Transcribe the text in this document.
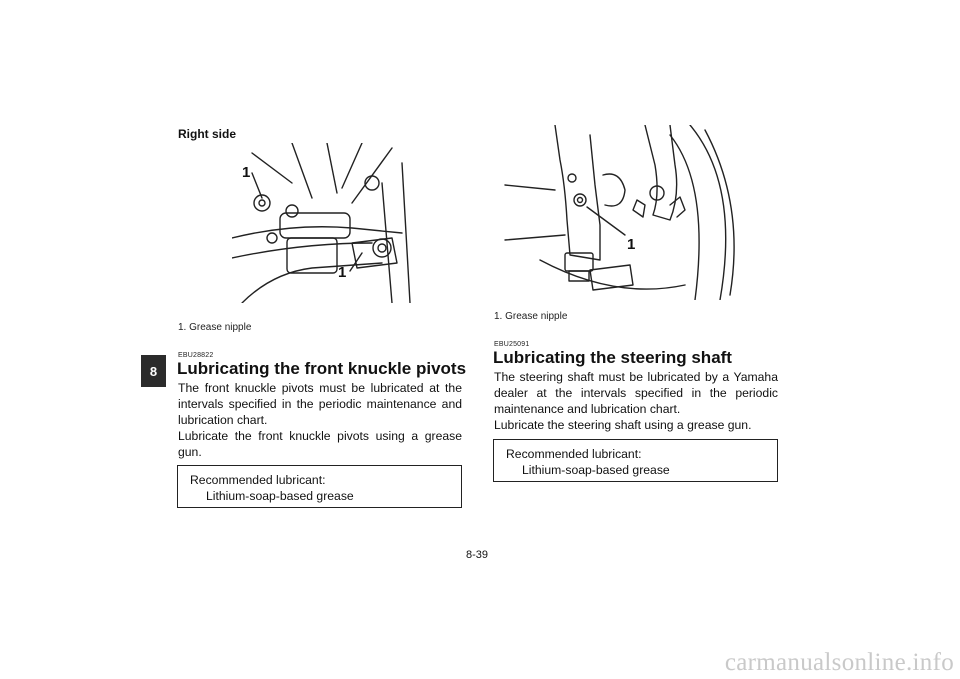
8
Right side
1
1
1. Grease nipple
EBU28822
Lubricating the front knuckle pivots

The front knuckle pivots must be lubricated at the intervals specified in the periodic maintenance and lubrication chart.

Lubricate the front knuckle pivots using a grease gun.

Recommended lubricant:
Lithium-soap-based grease
1
1. Grease nipple
EBU25091
Lubricating the steering shaft

The steering shaft must be lubricated by a Yamaha dealer at the intervals specified in the periodic maintenance and lubrication chart.

Lubricate the steering shaft using a grease gun.

Recommended lubricant:
Lithium-soap-based grease
8-39
carmanualsonline.info
